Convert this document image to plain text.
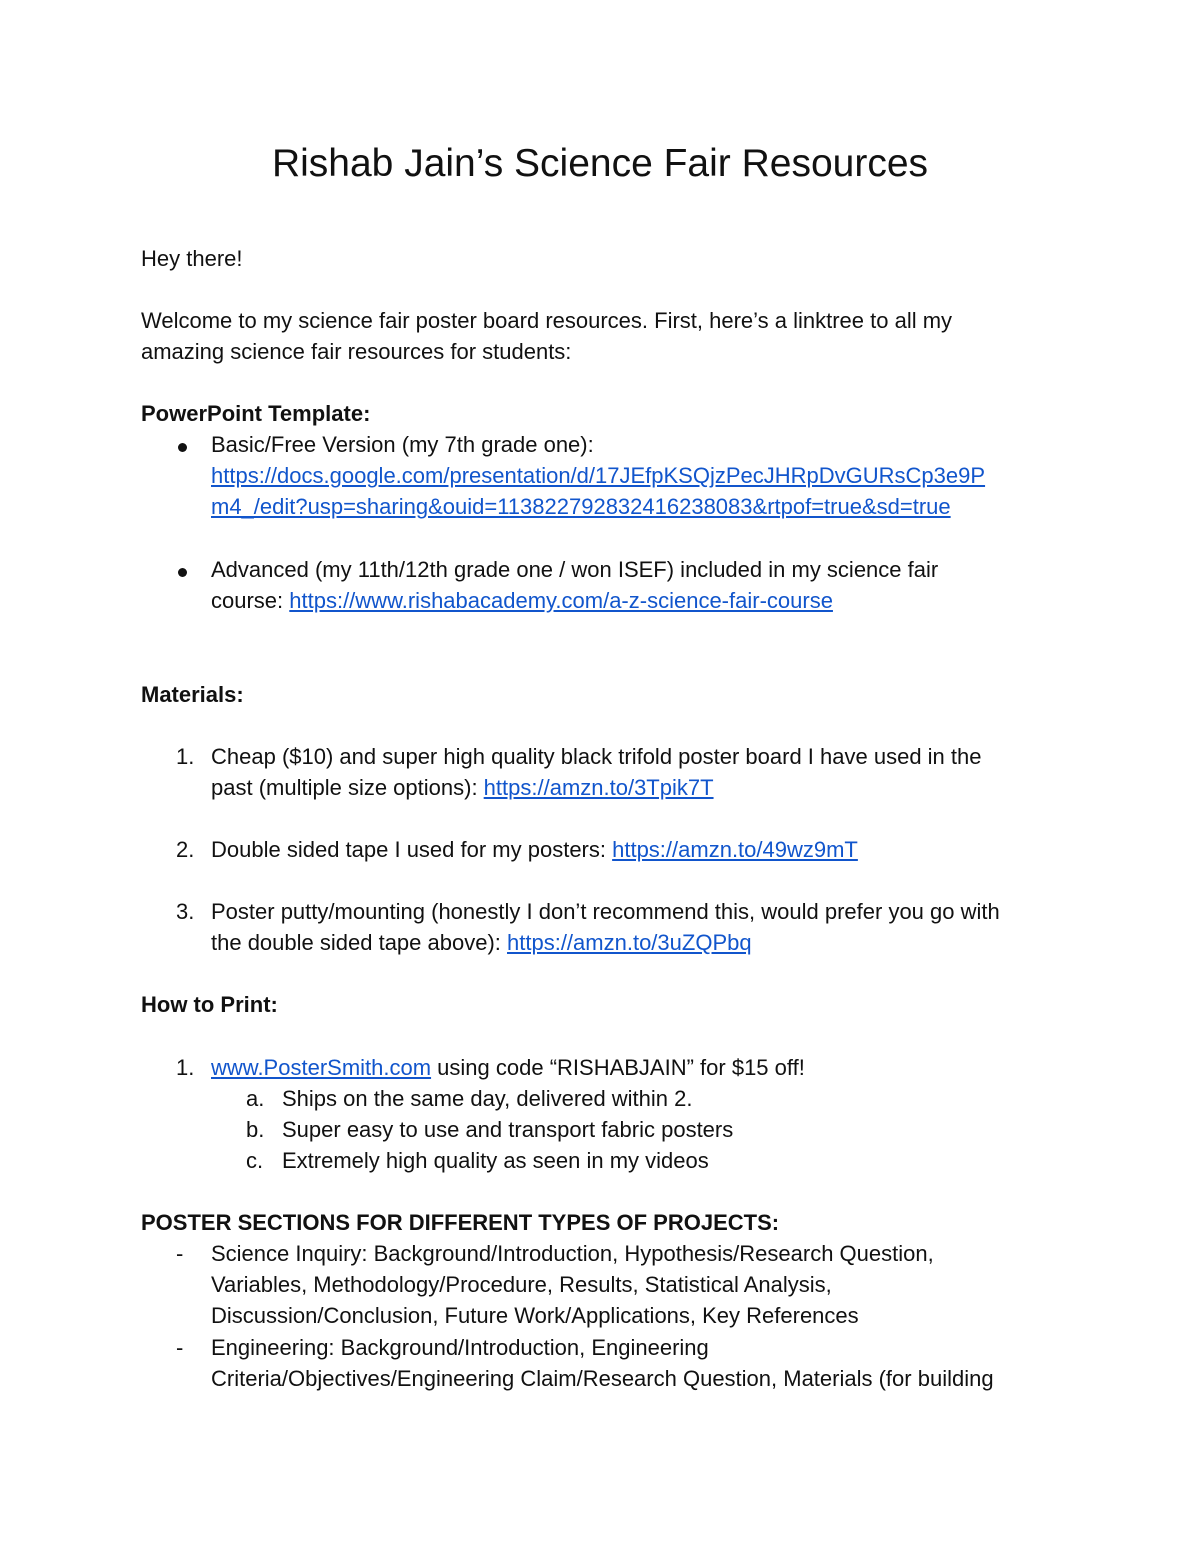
Rishab Jain’s Science Fair Resources
Hey there!
Welcome to my science fair poster board resources. First, here’s a linktree to all my
amazing science fair resources for students:
PowerPoint Template:
Basic/Free Version (my 7th grade one):
https://docs.google.com/presentation/d/17JEfpKSQjzPecJHRpDvGURsCp3e9P
m4_/edit?usp=sharing&ouid=113822792832416238083&rtpof=true&sd=true
Advanced (my 11th/12th grade one / won ISEF) included in my science fair
course: https://www.rishabacademy.com/a-z-science-fair-course
Materials:
1. Cheap ($10) and super high quality black trifold poster board I have used in the
past (multiple size options): https://amzn.to/3Tpik7T
2. Double sided tape I used for my posters: https://amzn.to/49wz9mT
3. Poster putty/mounting (honestly I don’t recommend this, would prefer you go with
the double sided tape above): https://amzn.to/3uZQPbq
How to Print:
1. www.PosterSmith.com using code “RISHABJAIN” for $15 off!
a. Ships on the same day, delivered within 2.
b. Super easy to use and transport fabric posters
c. Extremely high quality as seen in my videos
POSTER SECTIONS FOR DIFFERENT TYPES OF PROJECTS:
- Science Inquiry: Background/Introduction, Hypothesis/Research Question,
Variables, Methodology/Procedure, Results, Statistical Analysis,
Discussion/Conclusion, Future Work/Applications, Key References
- Engineering: Background/Introduction, Engineering
Criteria/Objectives/Engineering Claim/Research Question, Materials (for building
